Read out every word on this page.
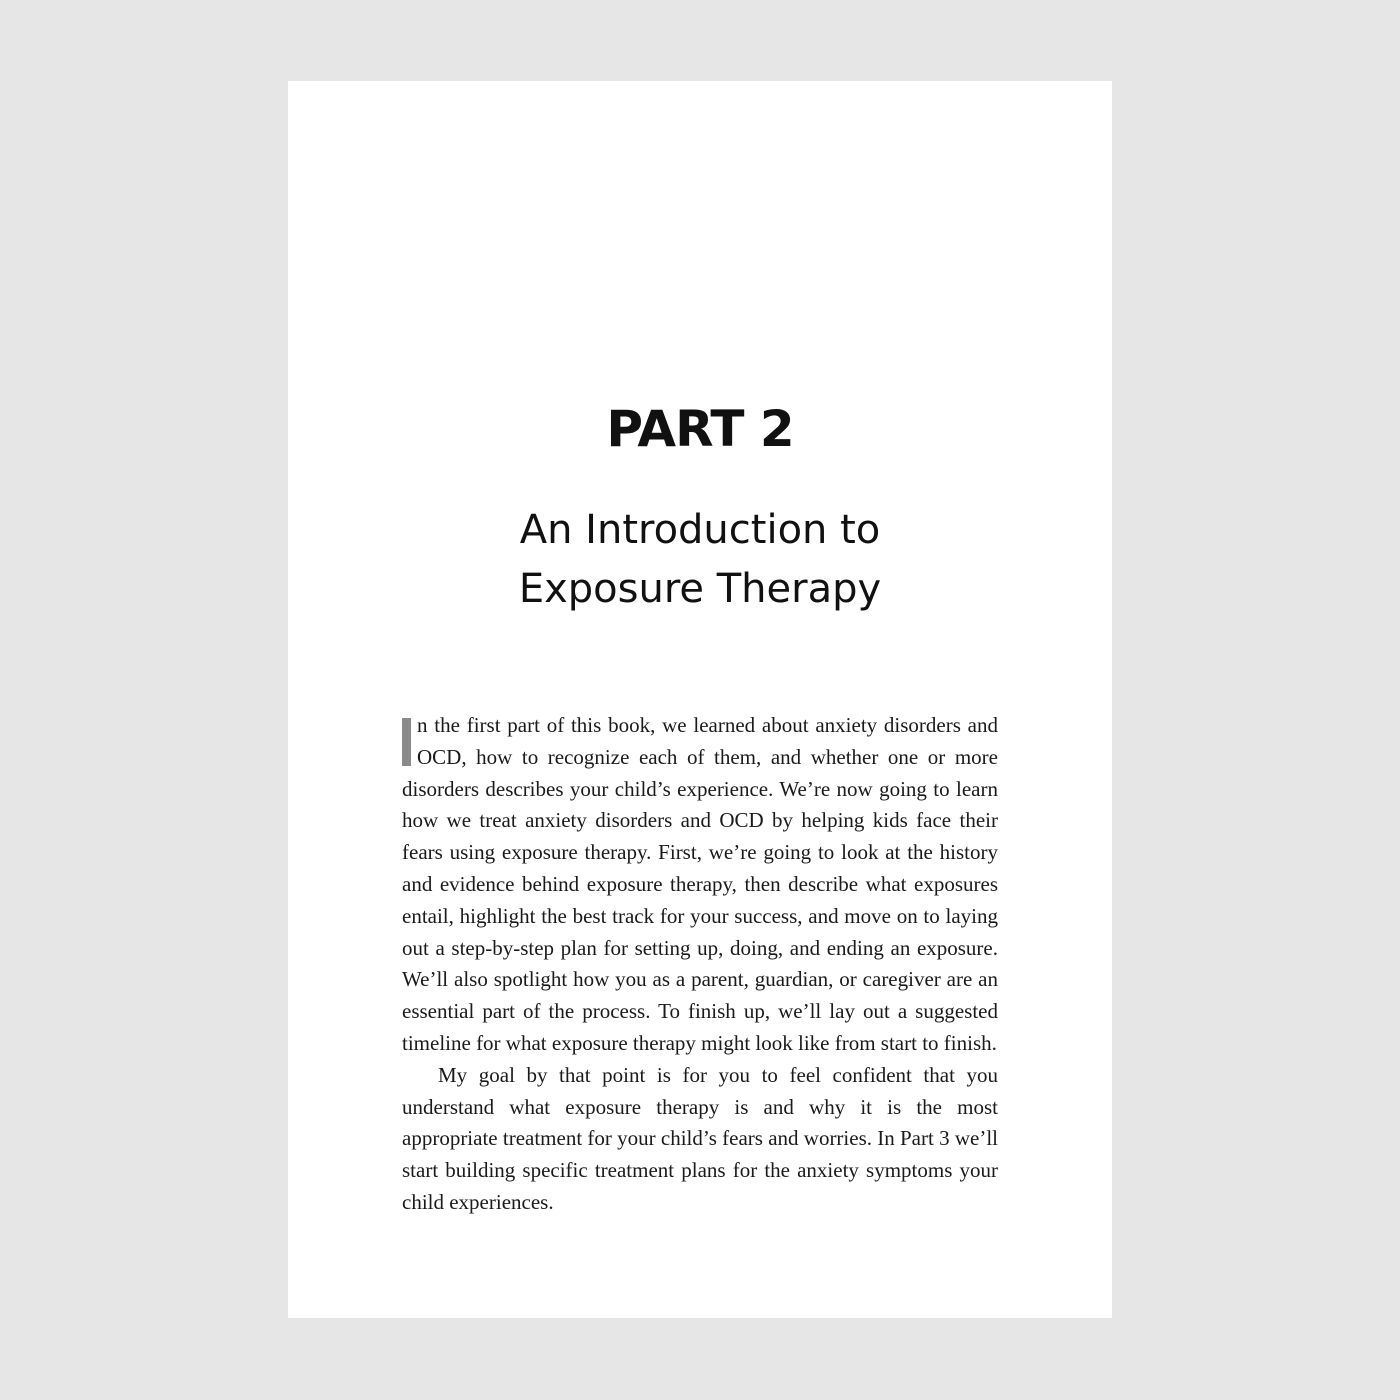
PART 2
An Introduction to
Exposure Therapy

n the first part of this book, we learned about anxiety disorders and OCD, how to recognize each of them, and whether one or more disorders describes your child’s experience. We’re now going to learn how we treat anxiety disorders and OCD by helping kids face their fears using exposure therapy. First, we’re going to look at the history and evidence behind exposure therapy, then describe what exposures entail, highlight the best track for your success, and move on to laying out a step-by-step plan for setting up, doing, and ending an exposure. We’ll also spotlight how you as a parent, guardian, or caregiver are an essential part of the process. To finish up, we’ll lay out a suggested timeline for what exposure therapy might look like from start to finish.

My goal by that point is for you to feel confident that you understand what exposure therapy is and why it is the most appropriate treatment for your child’s fears and worries. In Part 3 we’ll start building specific treatment plans for the anxiety symptoms your child experiences.
